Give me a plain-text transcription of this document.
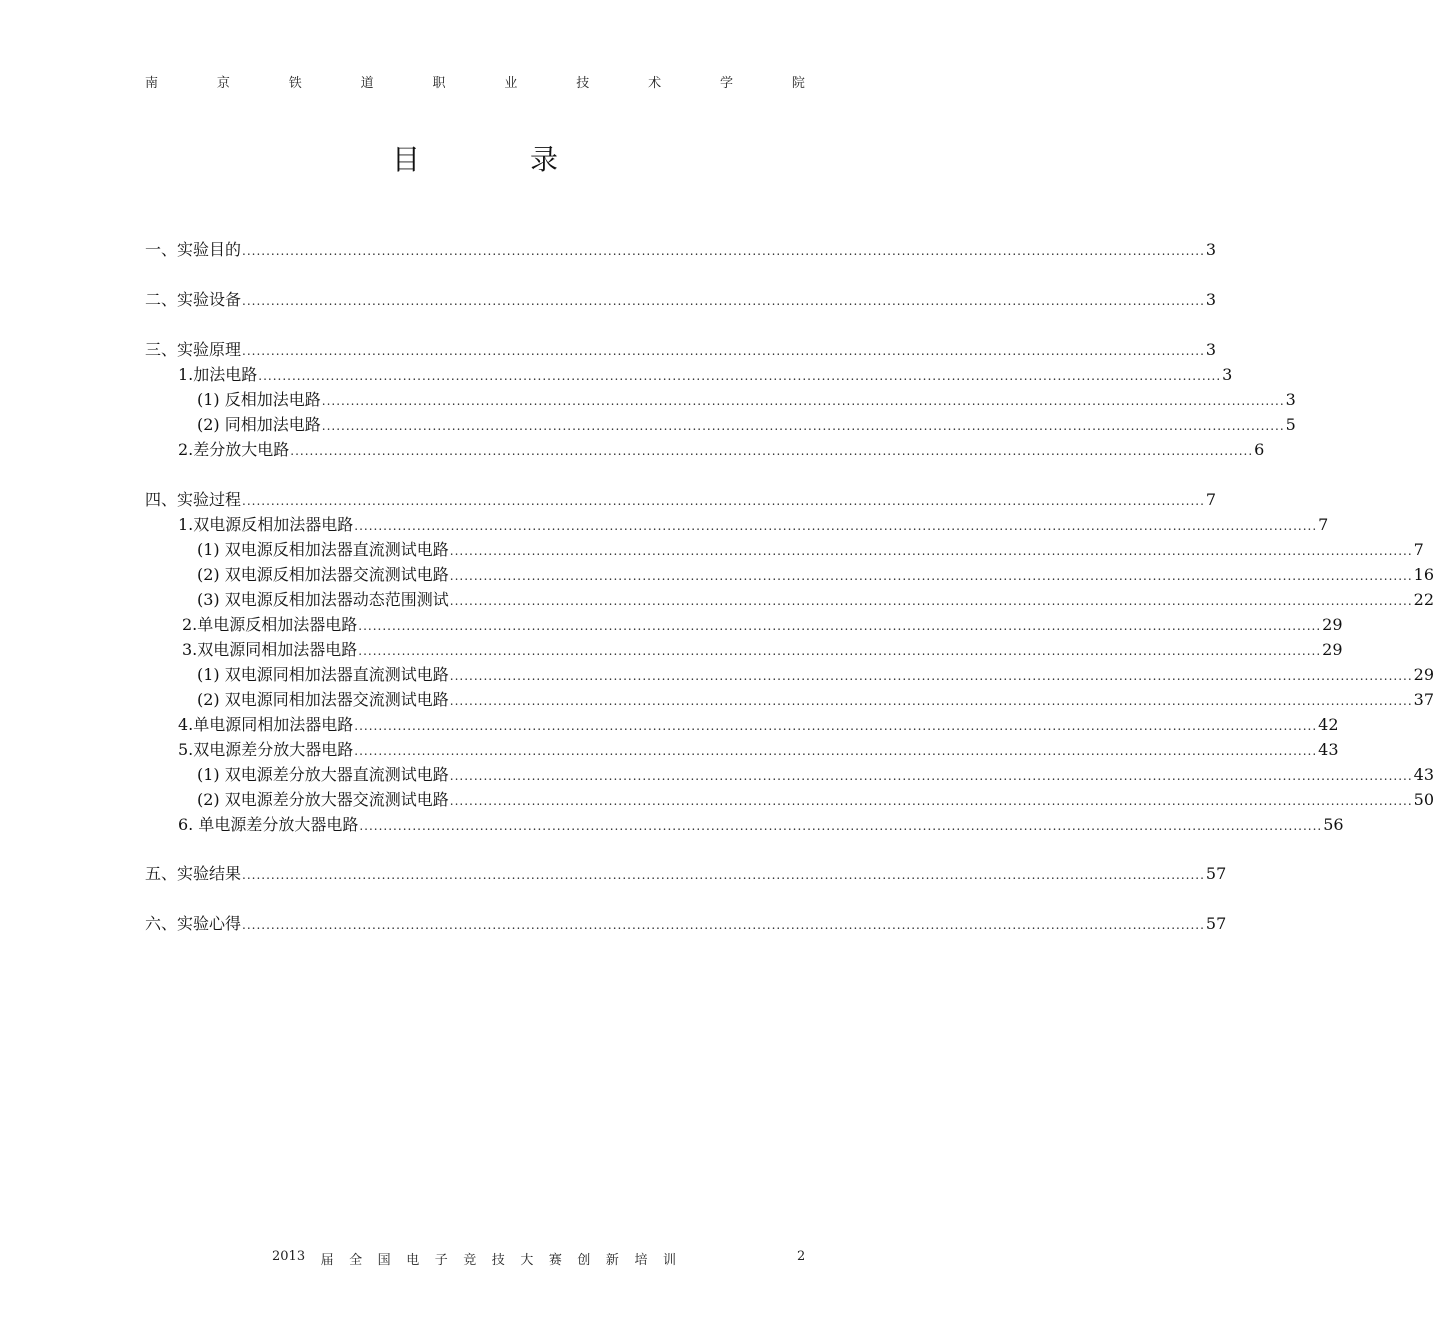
南	京	铁	道	职	业	技	术	学	院
目	录
一、实验目的 ........................................................................................................................................................................................................ 3
二、实验设备 ........................................................................................................................................................................................................ 3
三、实验原理 ........................................................................................................................................................................................................ 3
1.加法电路 ........................................................................................................................................................................................................ 3
(1) 反相加法电路 ........................................................................................................................................................................................................ 3
(2) 同相加法电路 ........................................................................................................................................................................................................ 5
2.差分放大电路 ........................................................................................................................................................................................................ 6
四、实验过程 ........................................................................................................................................................................................................ 7
1.双电源反相加法器电路 ........................................................................................................................................................................................................ 7
(1) 双电源反相加法器直流测试电路 ........................................................................................................................................................................................................ 7
(2) 双电源反相加法器交流测试电路 ........................................................................................................................................................................................................ 16
(3) 双电源反相加法器动态范围测试 ........................................................................................................................................................................................................ 22
2.单电源反相加法器电路 ........................................................................................................................................................................................................ 29
3.双电源同相加法器电路 ........................................................................................................................................................................................................ 29
(1) 双电源同相加法器直流测试电路 ........................................................................................................................................................................................................ 29
(2) 双电源同相加法器交流测试电路 ........................................................................................................................................................................................................ 37
4.单电源同相加法器电路 ........................................................................................................................................................................................................ 42
5.双电源差分放大器电路 ........................................................................................................................................................................................................ 43
(1) 双电源差分放大器直流测试电路 ........................................................................................................................................................................................................ 43
(2) 双电源差分放大器交流测试电路 ........................................................................................................................................................................................................ 50
6. 单电源差分放大器电路 ........................................................................................................................................................................................................ 56
五、实验结果 ........................................................................................................................................................................................................ 57
六、实验心得 ........................................................................................................................................................................................................ 57
2013 届 全 国 电 子 竞 技 大 赛 创 新 培 训	2
